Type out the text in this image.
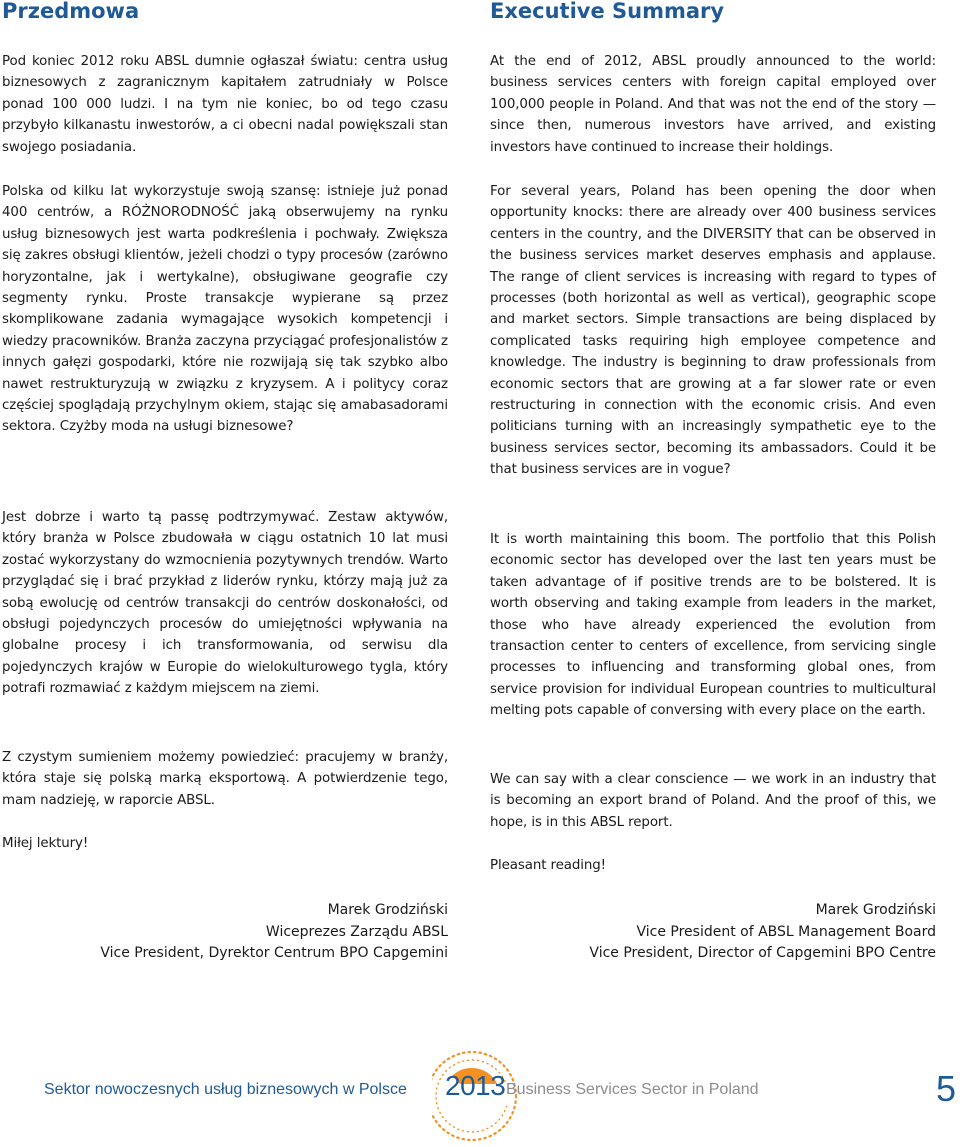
Przedmowa

Pod koniec 2012 roku ABSL dumnie ogłaszał światu: centra usług biznesowych z zagranicznym kapitałem zatrudniały w Polsce ponad 100 000 ludzi. I na tym nie koniec, bo od tego czasu przybyło kilkanastu inwestorów, a ci obecni nadal powiększali stan swojego posiadania.

Polska od kilku lat wykorzystuje swoją szansę: istnieje już ponad 400 centrów, a RÓŻNORODNOŚĆ jaką obserwujemy na rynku usług biznesowych jest warta podkreślenia i pochwały. Zwiększa się zakres obsługi klientów, jeżeli chodzi o typy procesów (zarówno horyzontalne, jak i wertykalne), obsługiwane geografie czy segmenty rynku. Proste transakcje wypierane są przez skomplikowane zadania wymagające wysokich kompetencji i wiedzy pracowników. Branża zaczyna przyciągać profesjonalistów z innych gałęzi gospodarki, które nie rozwijają się tak szybko albo nawet restrukturyzują w związku z kryzysem. A i politycy coraz częściej spoglądają przychylnym okiem, stając się amabasadorami sektora. Czyżby moda na usługi biznesowe?

Jest dobrze i warto tą passę podtrzymywać. Zestaw aktywów, który branża w Polsce zbudowała w ciągu ostatnich 10 lat musi zostać wykorzystany do wzmocnienia pozytywnych trendów. Warto przyglądać się i brać przykład z liderów rynku, którzy mają już za sobą ewolucję od centrów transakcji do centrów doskonałości, od obsługi pojedynczych procesów do umiejętności wpływania na globalne procesy i ich transformowania, od serwisu dla pojedynczych krajów w Europie do wielokulturowego tygla, który potrafi rozmawiać z każdym miejscem na ziemi.

Z czystym sumieniem możemy powiedzieć: pracujemy w branży, która staje się polską marką eksportową. A potwierdzenie tego, mam nadzieję, w raporcie ABSL.

Miłej lektury!

Marek Grodziński
Wiceprezes Zarządu ABSL
Vice President, Dyrektor Centrum BPO Capgemini
Executive Summary

At the end of 2012, ABSL proudly announced to the world: business services centers with foreign capital employed over 100,000 people in Poland. And that was not the end of the story — since then, numerous investors have arrived, and existing investors have continued to increase their holdings.

For several years, Poland has been opening the door when opportunity knocks: there are already over 400 business services centers in the country, and the DIVERSITY that can be observed in the business services market deserves emphasis and applause. The range of client services is increasing with regard to types of processes (both horizontal as well as vertical), geographic scope and market sectors. Simple transactions are being displaced by complicated tasks requiring high employee competence and knowledge. The industry is beginning to draw professionals from economic sectors that are growing at a far slower rate or even restructuring in connection with the economic crisis. And even politicians turning with an increasingly sympathetic eye to the business services sector, becoming its ambassadors. Could it be that business services are in vogue?

It is worth maintaining this boom. The portfolio that this Polish economic sector has developed over the last ten years must be taken advantage of if positive trends are to be bolstered. It is worth observing and taking example from leaders in the market, those who have already experienced the evolution from transaction center to centers of excellence, from servicing single processes to influencing and transforming global ones, from service provision for individual European countries to multicultural melting pots capable of conversing with every place on the earth.

We can say with a clear conscience — we work in an industry that is becoming an export brand of Poland. And the proof of this, we hope, is in this ABSL report.

Pleasant reading!

Marek Grodziński
Vice President of ABSL Management Board
Vice President, Director of Capgemini BPO Centre
Sektor nowoczesnych usług biznesowych w Polsce 2013 Business Services Sector in Poland	5
